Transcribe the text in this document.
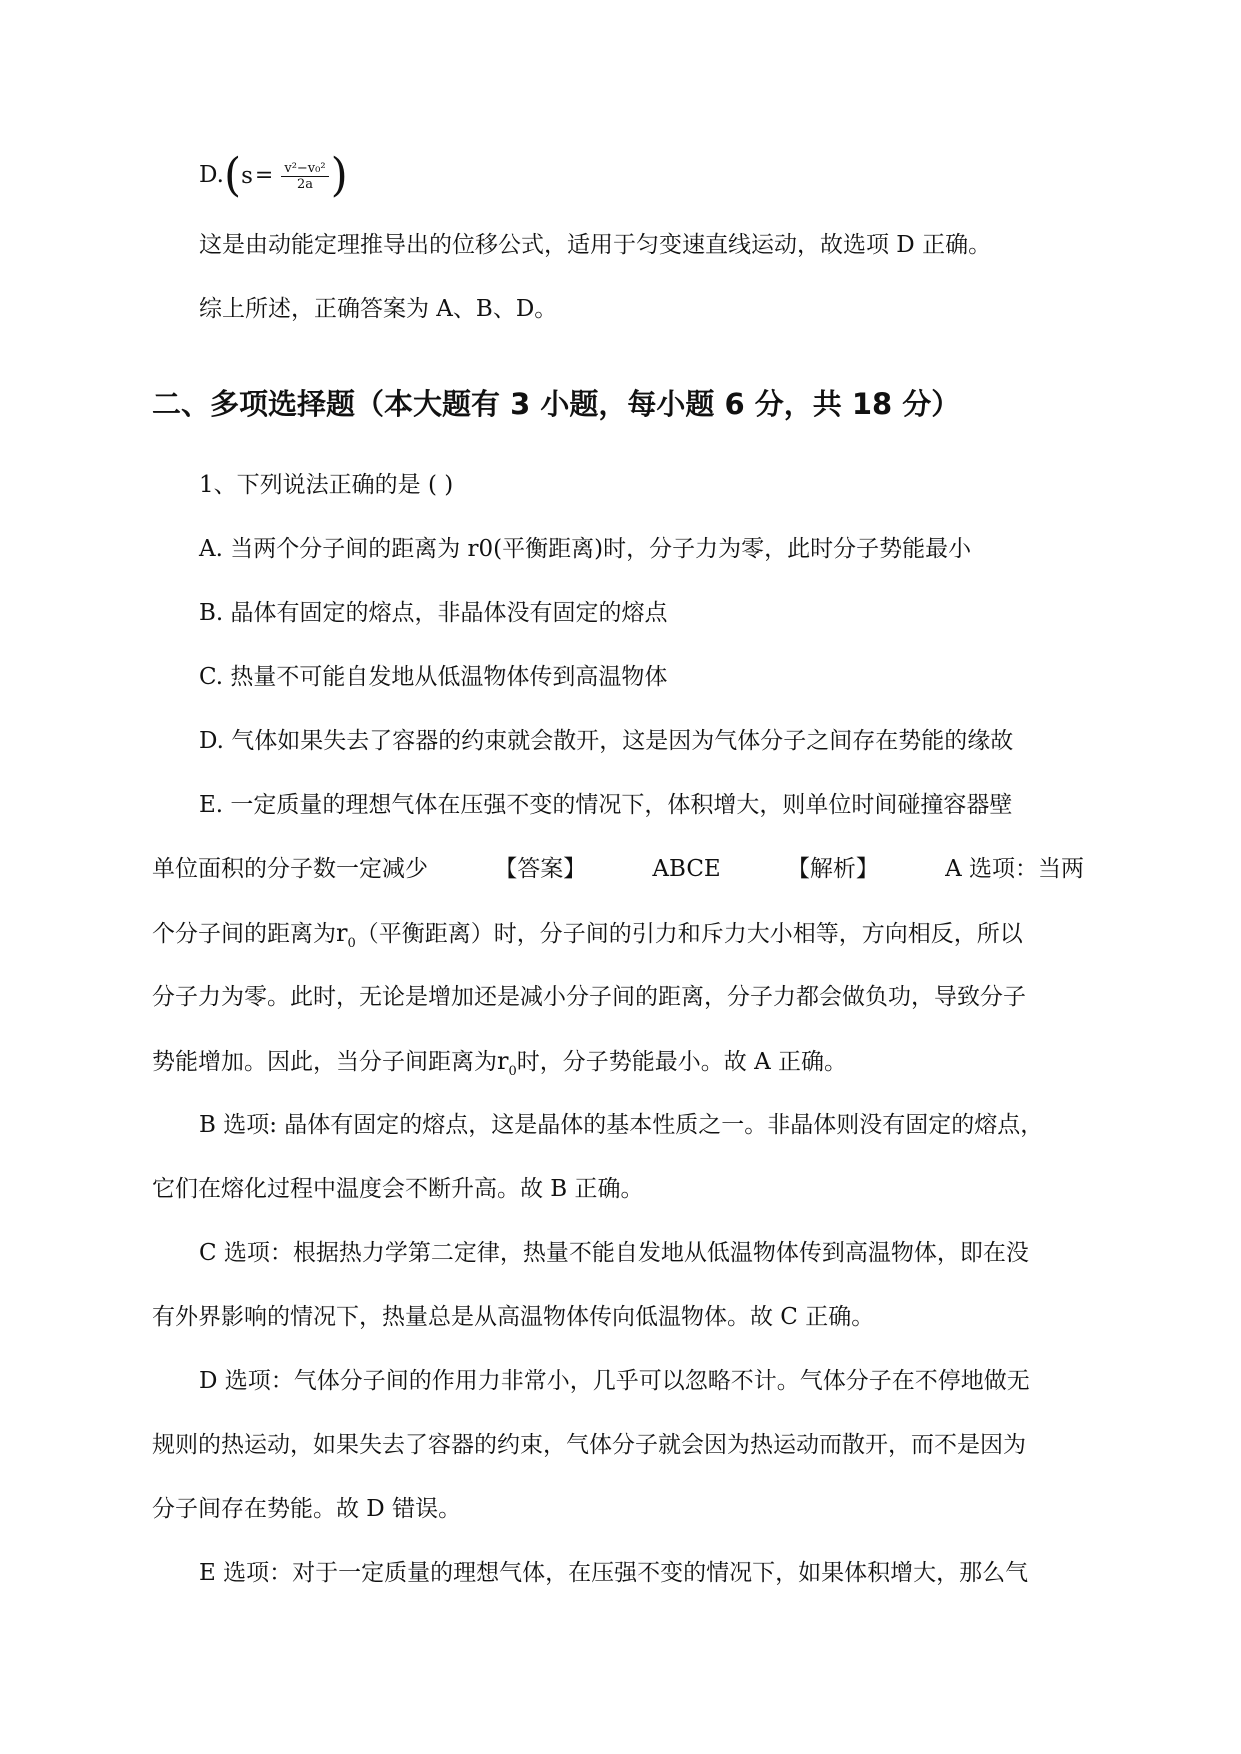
D. ( $s = \frac{\text{v²−v₀²}}{2a}$ )
这是由动能定理推导出的位移公式，适用于匀变速直线运动，故选项 D 正确。
综上所述，正确答案为 A、B、D。
二、多项选择题（本大题有 3 小题，每小题 6 分，共 18 分）
1、下列说法正确的是 ( )
A. 当两个分子间的距离为 r0(平衡距离)时，分子力为零，此时分子势能最小
B. 晶体有固定的熔点，非晶体没有固定的熔点
C. 热量不可能自发地从低温物体传到高温物体
D. 气体如果失去了容器的约束就会散开，这是因为气体分子之间存在势能的缘故
E. 一定质量的理想气体在压强不变的情况下，体积增大，则单位时间碰撞容器壁
单位面积的分子数一定减少	【答案】	ABCE	【解析】	A 选项：当两
个分子间的距离为$r_0$（平衡距离）时，分子间的引力和斥力大小相等，方向相反，所以
分子力为零。此时，无论是增加还是减小分子间的距离，分子力都会做负功，导致分子
势能增加。因此，当分子间距离为$r_0$时，分子势能最小。故 A 正确。
B 选项: 晶体有固定的熔点，这是晶体的基本性质之一。非晶体则没有固定的熔点，
它们在熔化过程中温度会不断升高。故 B 正确。
C 选项：根据热力学第二定律，热量不能自发地从低温物体传到高温物体，即在没
有外界影响的情况下，热量总是从高温物体传向低温物体。故 C 正确。
D 选项：气体分子间的作用力非常小，几乎可以忽略不计。气体分子在不停地做无
规则的热运动，如果失去了容器的约束，气体分子就会因为热运动而散开，而不是因为
分子间存在势能。故 D 错误。
E 选项：对于一定质量的理想气体，在压强不变的情况下，如果体积增大，那么气
